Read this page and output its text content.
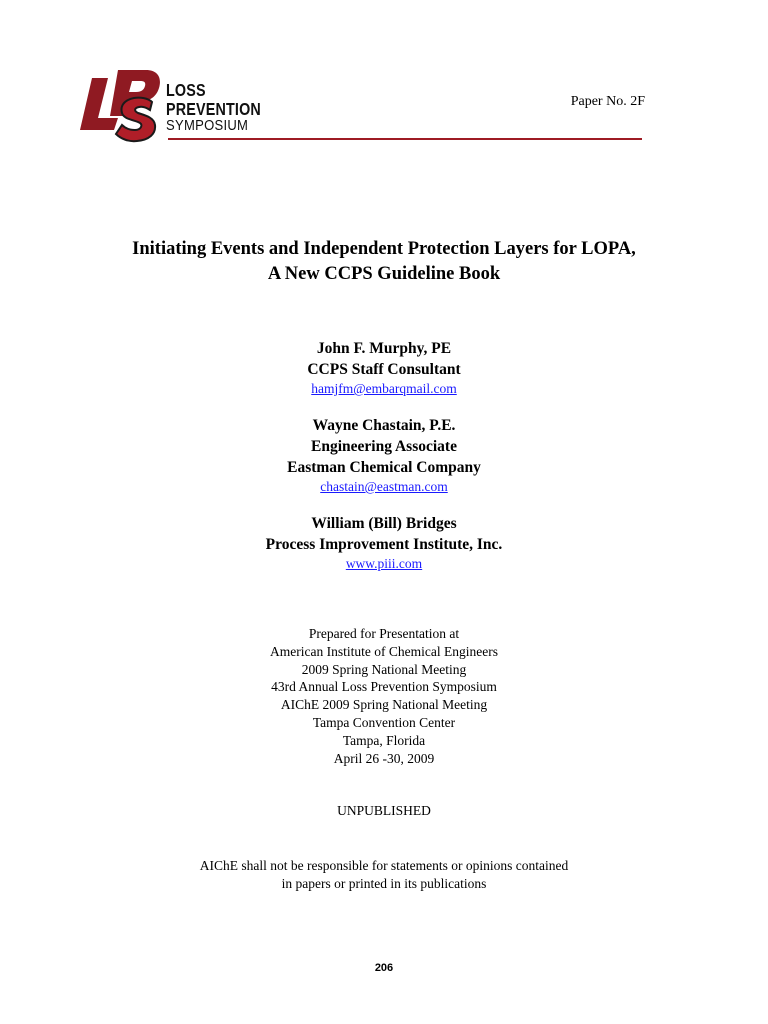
LOSS
PREVENTION
SYMPOSIUM
Paper No. 2F
Initiating Events and Independent Protection Layers for LOPA,
A New CCPS Guideline Book
John F. Murphy, PE
CCPS Staff Consultant
hamjfm@embarqmail.com
Wayne Chastain, P.E.
Engineering Associate
Eastman Chemical Company
chastain@eastman.com
William (Bill) Bridges
Process Improvement Institute, Inc.
www.piii.com
Prepared for Presentation at
American Institute of Chemical Engineers
2009 Spring National Meeting
43rd Annual Loss Prevention Symposium
AIChE 2009 Spring National Meeting
Tampa Convention Center
Tampa, Florida
April 26 -30, 2009
UNPUBLISHED
AIChE shall not be responsible for statements or opinions contained
in papers or printed in its publications
206
